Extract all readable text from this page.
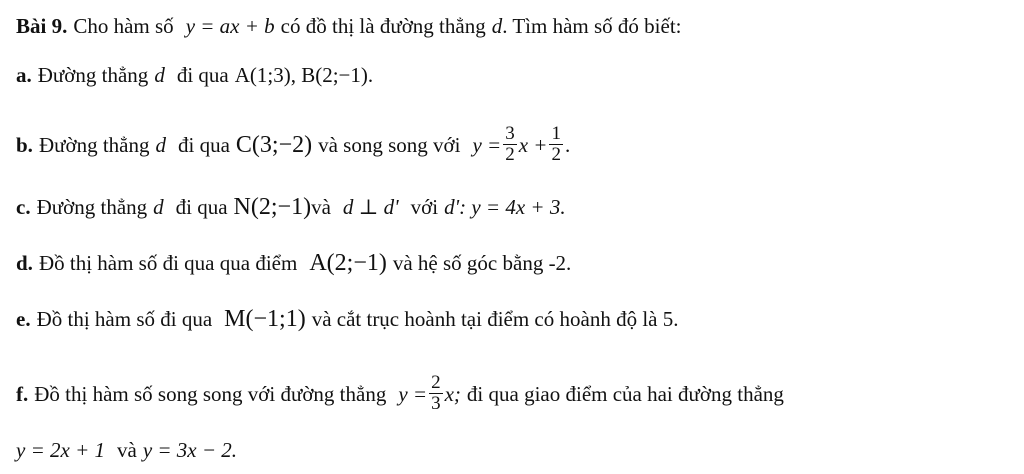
Bài 9. Cho hàm số y = ax + b có đồ thị là đường thẳng d . Tìm hàm số đó biết:
a. Đường thẳng d đi qua A(1;3), B(2;−1).
b. Đường thẳng d đi qua C(3;−2) và song song với $y = \frac{3}{2}$ $x + \frac{1}{2}$ .
c. Đường thẳng d đi qua N(2;−1) và d ⊥ d' với d': y = 4x + 3.
d. Đồ thị hàm số đi qua qua điểm A(2;−1) và hệ số góc bằng -2.
e. Đồ thị hàm số đi qua M(−1;1) và cắt trục hoành tại điểm có hoành độ là 5.
f. Đồ thị hàm số song song với đường thẳng $y = \frac{2}{3} x$; đi qua giao điểm của hai đường thẳng
y = 2x + 1 và y = 3x − 2.
